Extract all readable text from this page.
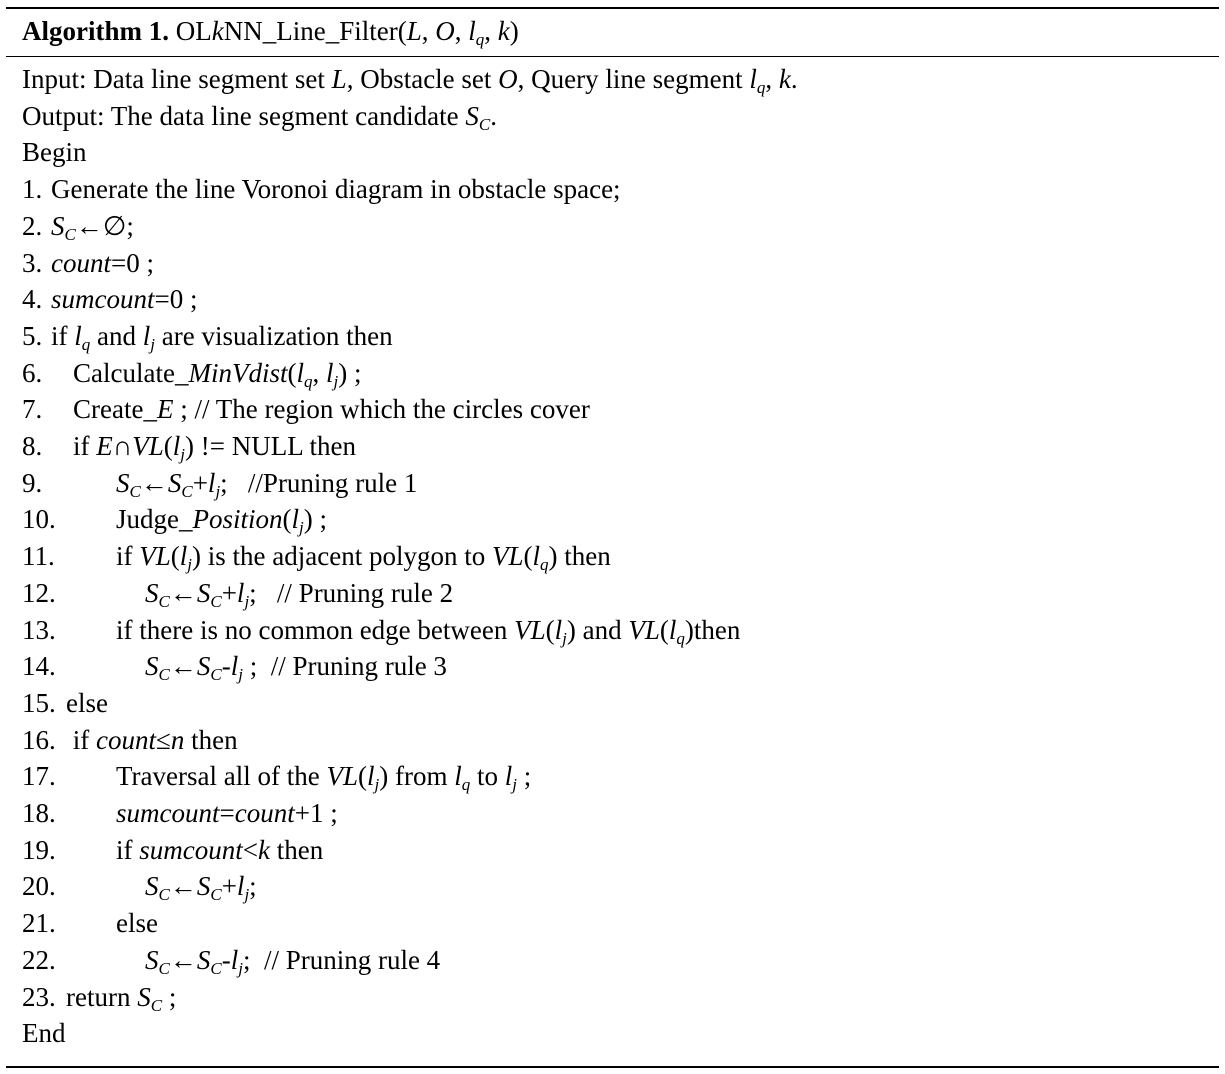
Algorithm 1. OLkNN_Line_Filter(L, O, $l_q$, k)
Input: Data line segment set L, Obstacle set O, Query line segment $l_q$, k.
Output: The data line segment candidate $S_C$.
Begin
1. Generate the line Voronoi diagram in obstacle space;
2. $S_C\leftarrow\emptyset$;
3. count=0 ;
4. sumcount=0 ;
5. if $l_q$ and $l_j$ are visualization then
6. $Calculate\_MinVdist(l_q$, $l_j$) ;
7. Create_E ; // The region which the circles cover
8. if $E\cap VL(l_j)$ != NULL then
9.	$S_C\leftarrow S_C+l_j$;   //Pruning rule 1
10. $Judge\_Position(l_j)$ ;
11. if $VL(l_j)$ is the adjacent polygon to $VL(l_q)$ then
12.	$S_C\leftarrow S_C+l_j$;   // Pruning rule 2
13. if there is no common edge between $VL(l_j)$ and $VL(l_q)then$
14.	$S_C\leftarrow S_C-l_j$ ;  // Pruning rule 3
15. else
16. if count≤n then
17. Traversal all of the $VL(l_j)$ from $l_q$ to $l_j$ ;
18. sumcount=count+1 ;
19. if sumcount<k then
20.	$S_C\leftarrow S_C+l_j$;
21. else
22.	$S_C\leftarrow S_C-l_j$;  // Pruning rule 4
23. return $S_C$ ;
End
